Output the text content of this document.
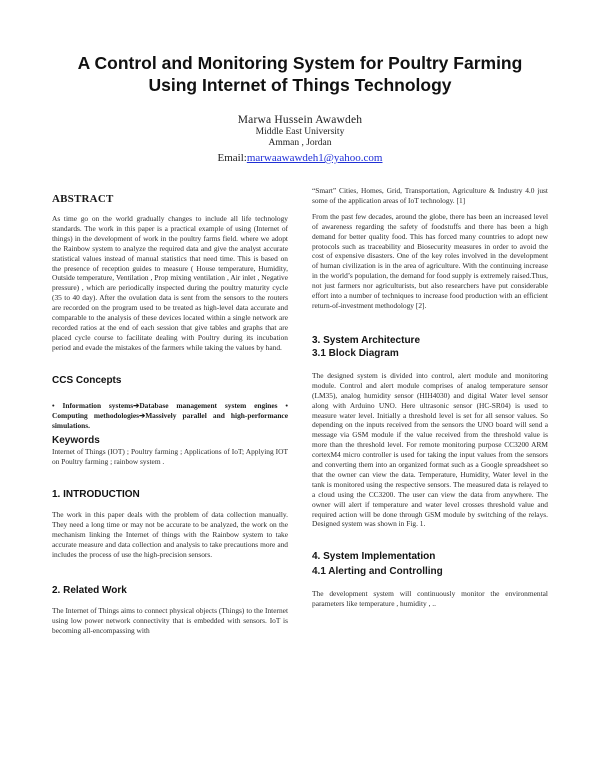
A Control and Monitoring System for Poultry Farming
Using Internet of Things Technology
Marwa Hussein Awawdeh
Middle East University
Amman , Jordan
Email:marwaawawdeh1@yahoo.com
ABSTRACT

As time go on the world gradually changes to include all life technology standards. The work in this paper is a practical example of using (Internet of things) in the development of work in the poultry farms field. where we adopt the Rainbow system to analyze the required data and give the analyst accurate statistical values instead of manual statistics that need time. This is based on the presence of reception guides to measure ( House temperature, Humidity, Outside temperature, Ventilation , Prop mixing ventilation , Air inlet , Negative pressure) , which are periodically inspected during the poultry maturity cycle (35 to 40 day). After the ovulation data is sent from the sensors to the routers are recorded on the program used to be treated as high-level data accurate and comparable to the analysis of these devices located within a single network are recorded ratios at the end of each session that give tables and graphs that are placed cycle course to facilitate dealing with Poultry during its incubation period and evade the mistakes of the farmers while taking the values by hand.

CCS Concepts

• Information systems➔Database management system engines • Computing methodologies➔Massively parallel and high-performance simulations.

Keywords

Internet of Things (IOT) ; Poultry farming ; Applications of IoT; Applying IOT on Poultry farming ; rainbow system .

1. INTRODUCTION

The work in this paper deals with the problem of data collection manually. They need a long time or may not be accurate to be analyzed, the work on the mechanism linking the Internet of things with the Rainbow system to take accurate measure and data collection and analysis to take precautions more and includes the process of use the high-precision sensors.

2. Related Work

The Internet of Things aims to connect physical objects (Things) to the Internet using low power network connectivity that is embedded with sensors. IoT is becoming all-encompassing with

“Smart” Cities, Homes, Grid, Transportation, Agriculture & Industry 4.0 just some of the application areas of IoT technology. [1]

From the past few decades, around the globe, there has been an increased level of awareness regarding the safety of foodstuffs and there has been a high demand for better quality food. This has forced many countries to adopt new protocols such as traceability and Biosecurity measures in order to avoid the cost of expensive disasters. One of the key roles involved in the development of human civilization is in the area of agriculture. With the continuing increase in the world’s population, the demand for food supply is extremely raised.Thus, not just farmers nor agriculturists, but also researchers have put considerable effort into a number of techniques to increase food production with an efficient return-of-investment methodology [2].

3. System Architecture
3.1 Block Diagram

The designed system is divided into control, alert module and monitoring module. Control and alert module comprises of analog temperature sensor (LM35), analog humidity sensor (HIH4030) and digital Water level sensor along with Arduino UNO. Here ultrasonic sensor (HC-SR04) is used to measure water level. Initially a threshold level is set for all sensor values. So depending on the inputs received from the sensors the UNO board will send a message via GSM module if the value received from the threshold value is more than the threshold level. For remote monitoring purpose CC3200 ARM cortexM4 micro controller is used for taking the input values from the sensors and converting them into an organized format such as a Google spreadsheet so that the owner can view the data. Temperature, Humidity, Water level in the tank is monitored using the respective sensors. The measured data is relayed to a cloud using the CC3200. The user can view the data from anywhere. The owner will alert if temperature and water level crosses threshold value and required action will be done through GSM module by switching of the relays. Designed system was shown in Fig. 1.

4. System Implementation
4.1 Alerting and Controlling

The development system will continuously monitor the environmental parameters like temperature , humidity , ..
